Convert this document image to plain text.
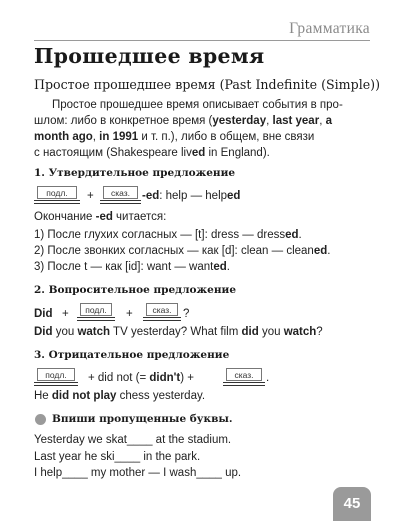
Грамматика
Прошедшее время
Простое прошедшее время (Past Indefinite (Simple))
Простое прошедшее время описывает события в про-
шлом: либо в конкретное время (yesterday, last year, a
month ago, in 1991 и т. п.), либо в общем, вне связи
с настоящим (Shakespeare lived in England).
1. Утвердительное предложение
подл.	+	сказ.	-ed: help — helped
Окончание -ed читается:
1) После глухих согласных — [t]: dress — dressed.
2) После звонких согласных — как [d]: clean — cleaned.
3) После t — как [id]: want — wanted.
2. Вопросительное предложение
Did +	подл.	+	сказ. ?
Did you watch TV yesterday? What film did you watch?
3. Отрицательное предложение
подл.	+ did not (= didn't) +	сказ.	.
He did not play chess yesterday.
Впиши пропущенные буквы.
Yesterday we skat____ at the stadium.
Last year he ski____ in the park.
I help____ my mother — I wash____ up.
45
